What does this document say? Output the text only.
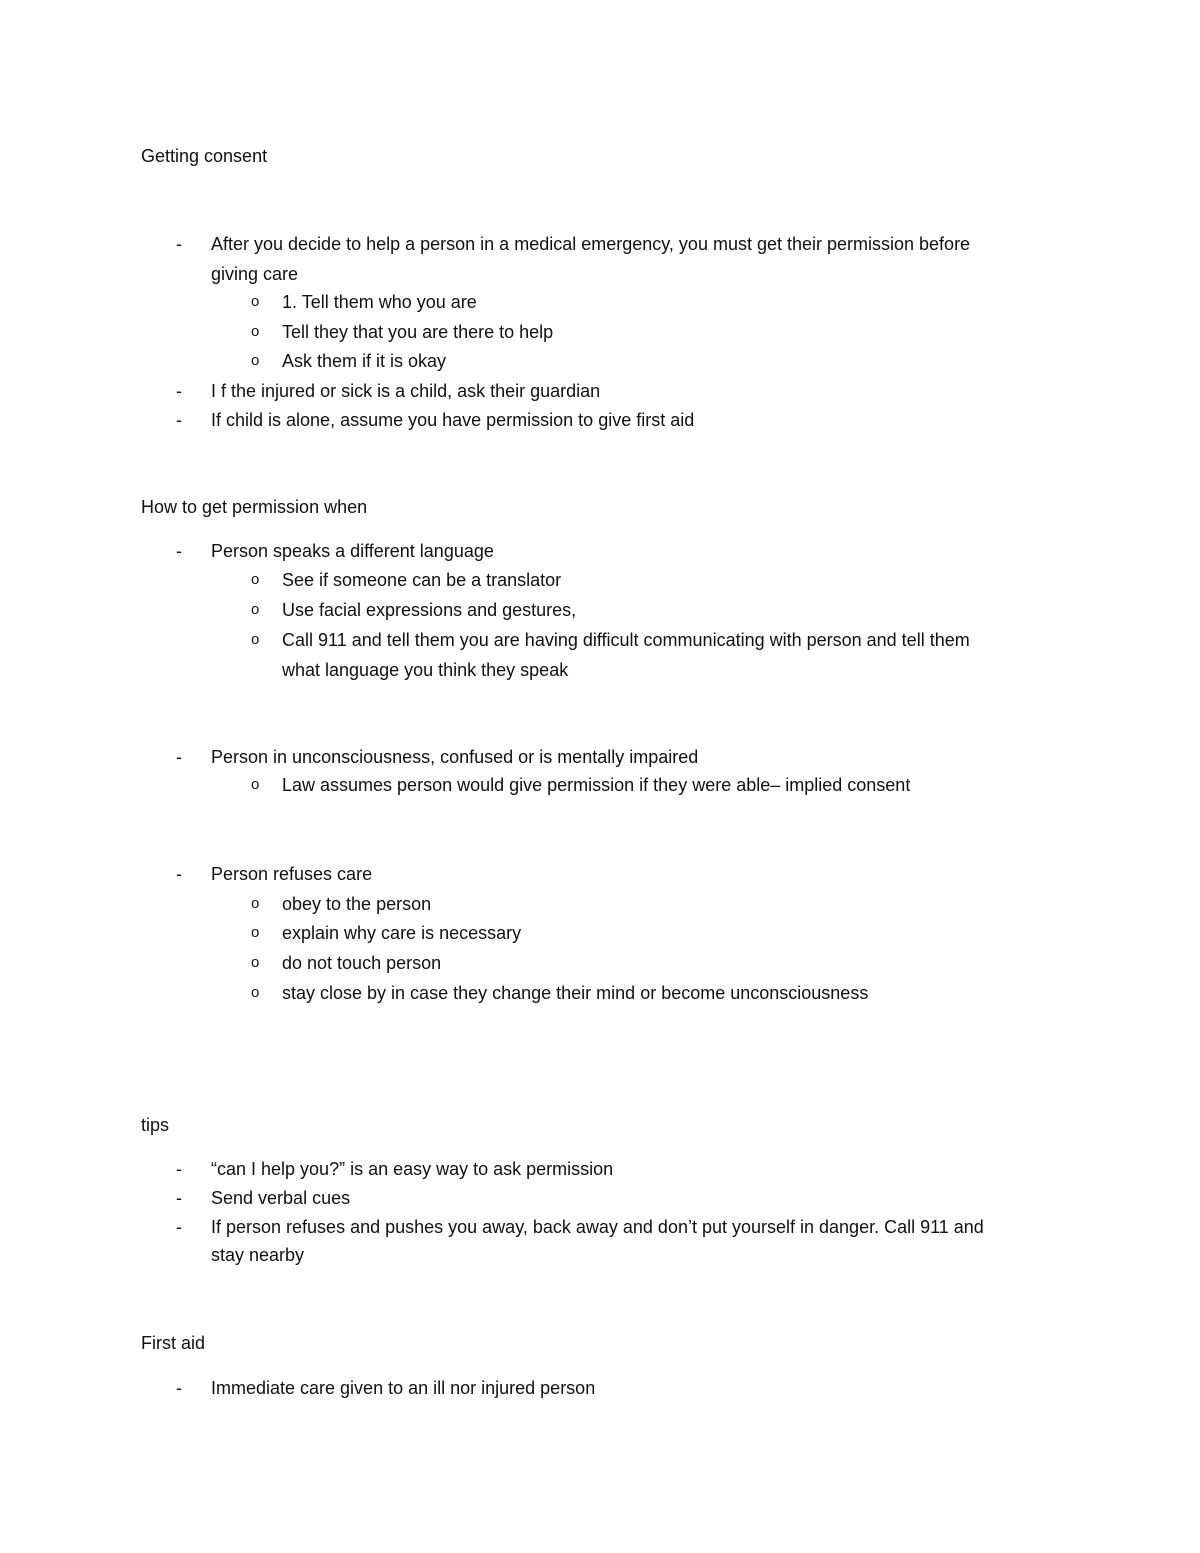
Getting consent
- After you decide to help a person in a medical emergency, you must get their permission before
giving care
o 1. Tell them who you are
o Tell they that you are there to help
o Ask them if it is okay
- I f the injured or sick is a child, ask their guardian
- If child is alone, assume you have permission to give first aid
How to get permission when
- Person speaks a different language
o See if someone can be a translator
o Use facial expressions and gestures,
o Call 911 and tell them you are having difficult communicating with person and tell them
what language you think they speak
- Person in unconsciousness, confused or is mentally impaired
o Law assumes person would give permission if they were able– implied consent
- Person refuses care
o obey to the person
o explain why care is necessary
o do not touch person
o stay close by in case they change their mind or become unconsciousness
tips
- “can I help you?” is an easy way to ask permission
- Send verbal cues
- If person refuses and pushes you away, back away and don’t put yourself in danger. Call 911 and
stay nearby
First aid
- Immediate care given to an ill nor injured person
